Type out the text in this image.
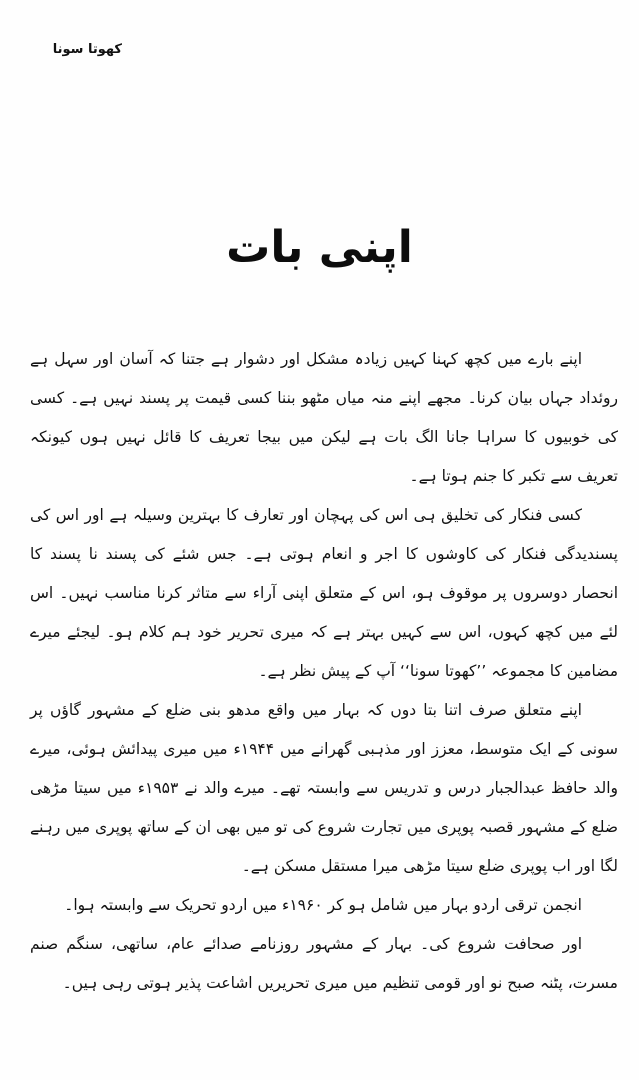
کھوتا سونا
اپنی بات

اپنے بارے میں کچھ کہنا کہیں زیادہ مشکل اور دشوار ہے جتنا کہ آسان اور سہل ہے روئداد جہاں بیان کرنا۔ مجھے اپنے منہ میاں مٹھو بننا کسی قیمت پر پسند نہیں ہے۔ کسی کی خوبیوں کا سراہا جانا الگ بات ہے لیکن میں بیجا تعریف کا قائل نہیں ہوں کیونکہ تعریف سے تکبر کا جنم ہوتا ہے۔

کسی فنکار کی تخلیق ہی اس کی پہچان اور تعارف کا بہترین وسیلہ ہے اور اس کی پسندیدگی فنکار کی کاوشوں کا اجر و انعام ہوتی ہے۔ جس شئے کی پسند نا پسند کا انحصار دوسروں پر موقوف ہو، اس کے متعلق اپنی آراء سے متاثر کرنا مناسب نہیں۔ اس لئے میں کچھ کہوں، اس سے کہیں بہتر ہے کہ میری تحریر خود ہم کلام ہو۔ لیجئے میرے مضامین کا مجموعہ ’’کھوتا سونا‘‘ آپ کے پیش نظر ہے۔

اپنے متعلق صرف اتنا بتا دوں کہ بہار میں واقع مدھو بنی ضلع کے مشہور گاؤں پر سونی کے ایک متوسط، معزز اور مذہبی گھرانے میں ۱۹۴۴ء میں میری پیدائش ہوئی، میرے والد حافظ عبدالجبار درس و تدریس سے وابستہ تھے۔ میرے والد نے ۱۹۵۳ء میں سیتا مڑھی ضلع کے مشہور قصبہ پوپری میں تجارت شروع کی تو میں بھی ان کے ساتھ پوپری میں رہنے لگا اور اب پوپری ضلع سیتا مڑھی میرا مستقل مسکن ہے۔

انجمن ترقی اردو بہار میں شامل ہو کر ۱۹۶۰ء میں اردو تحریک سے وابستہ ہوا۔

اور صحافت شروع کی۔ بہار کے مشہور روزنامے صدائے عام، ساتھی، سنگم صنم مسرت، پٹنہ صبح نو اور قومی تنظیم میں میری تحریریں اشاعت پذیر ہوتی رہی ہیں۔
